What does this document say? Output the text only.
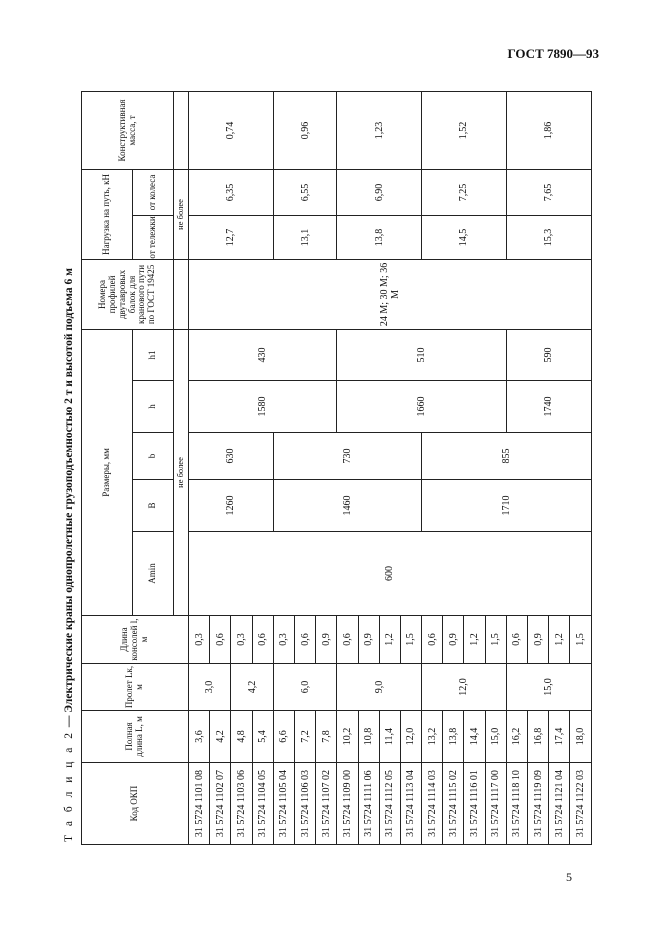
ГОСТ 7890—93
5
Т а б л и ц а 2 — Электрические краны однопролетные грузоподъемностью 2 т и высотой подъема 6 м
Код ОКП	Полная длина L, м	Пролет Lк, м	Длина консолей l, м	Размеры, мм					Номера профилей двутавровых балок для кранового пути по ГОСТ 19425	Нагрузка на путь, кН		Конструктивная масса, т
				Amin	B	b	h	h1		от тележки	от колеса	

				не более						не более		
31 5724 1101 08	3,6	3,0	0,3	600	1260	630	1580	430	24 М; 30 М; 36 М	12,7	6,35	0,74
31 5724 1102 07	4,2		0,6									
31 5724 1103 06	4,8	4,2	0,3									
31 5724 1104 05	5,4		0,6									
31 5724 1105 04	6,6	6,0	0,3		1460	730				13,1	6,55	0,96
31 5724 1106 03	7,2		0,6									
31 5724 1107 02	7,8		0,9									
31 5724 1109 00	10,2	9,0	0,6				1660	510		13,8	6,90	1,23
31 5724 1111 06	10,8		0,9									
31 5724 1112 05	11,4		1,2									
31 5724 1113 04	12,0		1,5									
31 5724 1114 03	13,2	12,0	0,6		1710	855				14,5	7,25	1,52
31 5724 1115 02	13,8		0,9									
31 5724 1116 01	14,4		1,2									
31 5724 1117 00	15,0		1,5									
31 5724 1118 10	16,2	15,0	0,6				1740	590		15,3	7,65	1,86
31 5724 1119 09	16,8		0,9									
31 5724 1121 04	17,4		1,2									
31 5724 1122 03	18,0		1,5									
